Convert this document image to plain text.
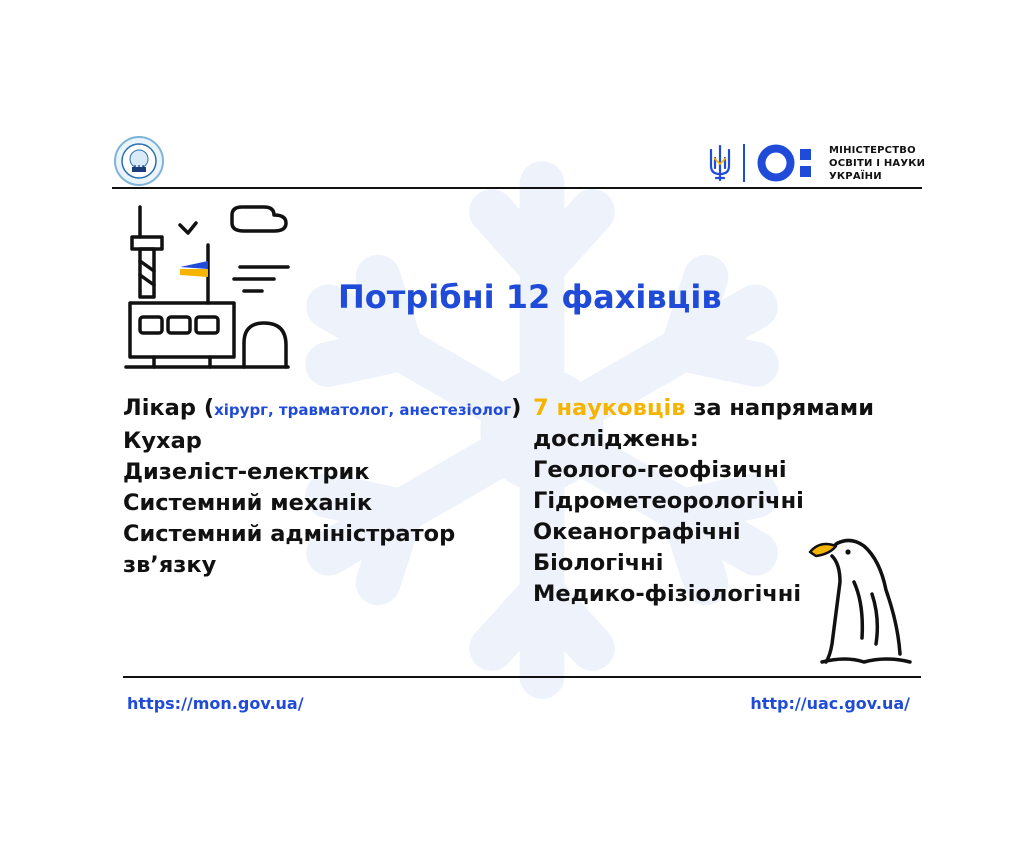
МІНІСТЕРСТВО
ОСВІТИ І НАУКИ
УКРАЇНИ
Потрібні 12 фахівців
Лікар (хірург, травматолог, анестезіолог)
Кухар
Дизеліст-електрик
Системний механік
Системний адміністратор
зв’язку
7 науковців за напрямами
досліджень:
Геолого-геофізичні
Гідрометеорологічні
Океанографічні
Біологічні
Медико-фізіологічні
https://mon.gov.ua/	http://uac.gov.ua/
